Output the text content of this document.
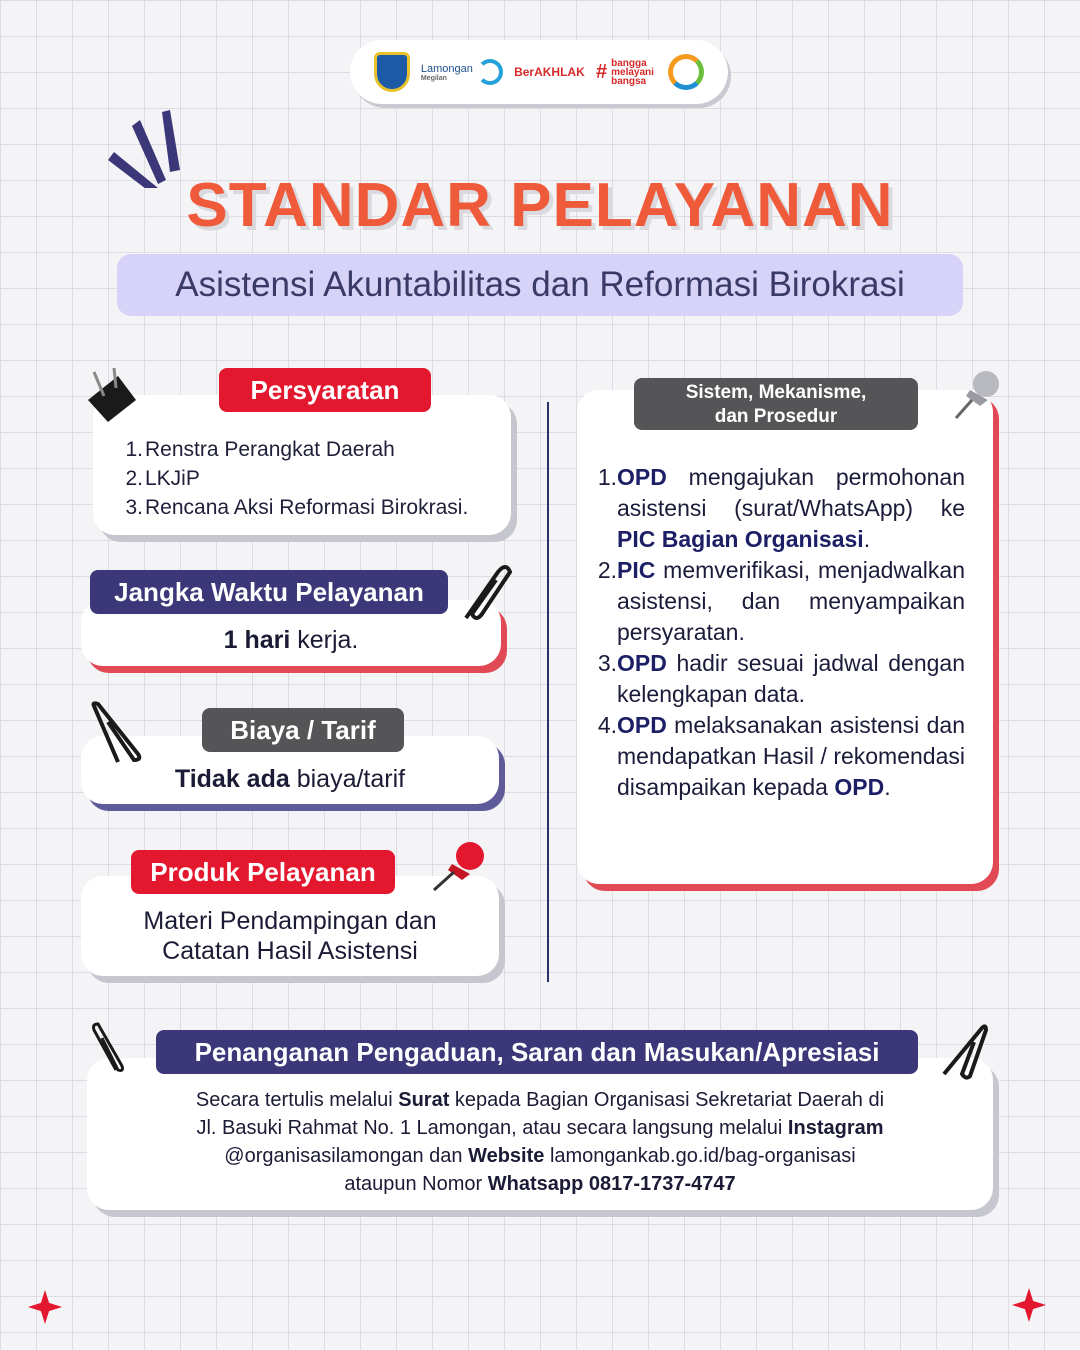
Lamongan
Megilan	BerAKHLAK # bangga melayani bangsa
STANDAR PELAYANAN
Asistensi Akuntabilitas dan Reformasi Birokrasi
1. Renstra Perangkat Daerah
2. LKJiP
3. Rencana Aksi Reformasi Birokrasi.
Persyaratan
1 hari kerja.
Jangka Waktu Pelayanan
Tidak ada biaya/tarif
Biaya / Tarif
Materi Pendampingan dan
Catatan Hasil Asistensi
Produk Pelayanan
1. OPD mengajukan permohonan asistensi (surat/WhatsApp) ke PIC Bagian Organisasi.
2. PIC memverifikasi, menjadwalkan asistensi, dan menyampaikan persyaratan.
3. OPD hadir sesuai jadwal dengan kelengkapan data.
4. OPD melaksanakan asistensi dan mendapatkan Hasil / rekomendasi disampaikan kepada OPD.
Sistem, Mekanisme,
dan Prosedur
Secara tertulis melalui Surat kepada Bagian Organisasi Sekretariat Daerah di
Jl. Basuki Rahmat No. 1 Lamongan, atau secara langsung melalui Instagram
@organisasilamongan dan Website lamongankab.go.id/bag-organisasi
ataupun Nomor Whatsapp 0817-1737-4747
Penanganan Pengaduan, Saran dan Masukan/Apresiasi
